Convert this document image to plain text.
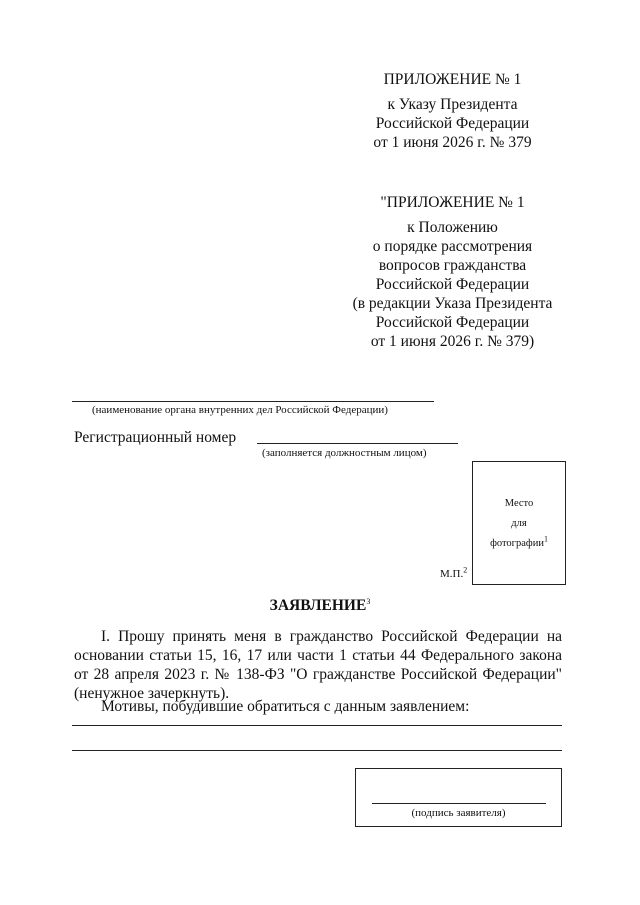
ПРИЛОЖЕНИЕ № 1
к Указу Президента
Российской Федерации
от 1 июня 2026 г. № 379
"ПРИЛОЖЕНИЕ № 1
к Положению
о порядке рассмотрения
вопросов гражданства
Российской Федерации
(в редакции Указа Президента
Российской Федерации
от 1 июня 2026 г. № 379)
(наименование органа внутренних дел Российской Федерации)
Регистрационный номер
(заполняется должностным лицом)
Место
для
фотографии$^1$
М.П.$^2$
ЗАЯВЛЕНИЕ$^3$
I. Прошу принять меня в гражданство Российской Федерации на основании статьи 15, 16, 17 или части 1 статьи 44 Федерального закона от 28 апреля 2023 г. № 138-ФЗ "О гражданстве Российской Федерации" (ненужное зачеркнуть).
Мотивы, побудившие обратиться с данным заявлением:
(подпись заявителя)
